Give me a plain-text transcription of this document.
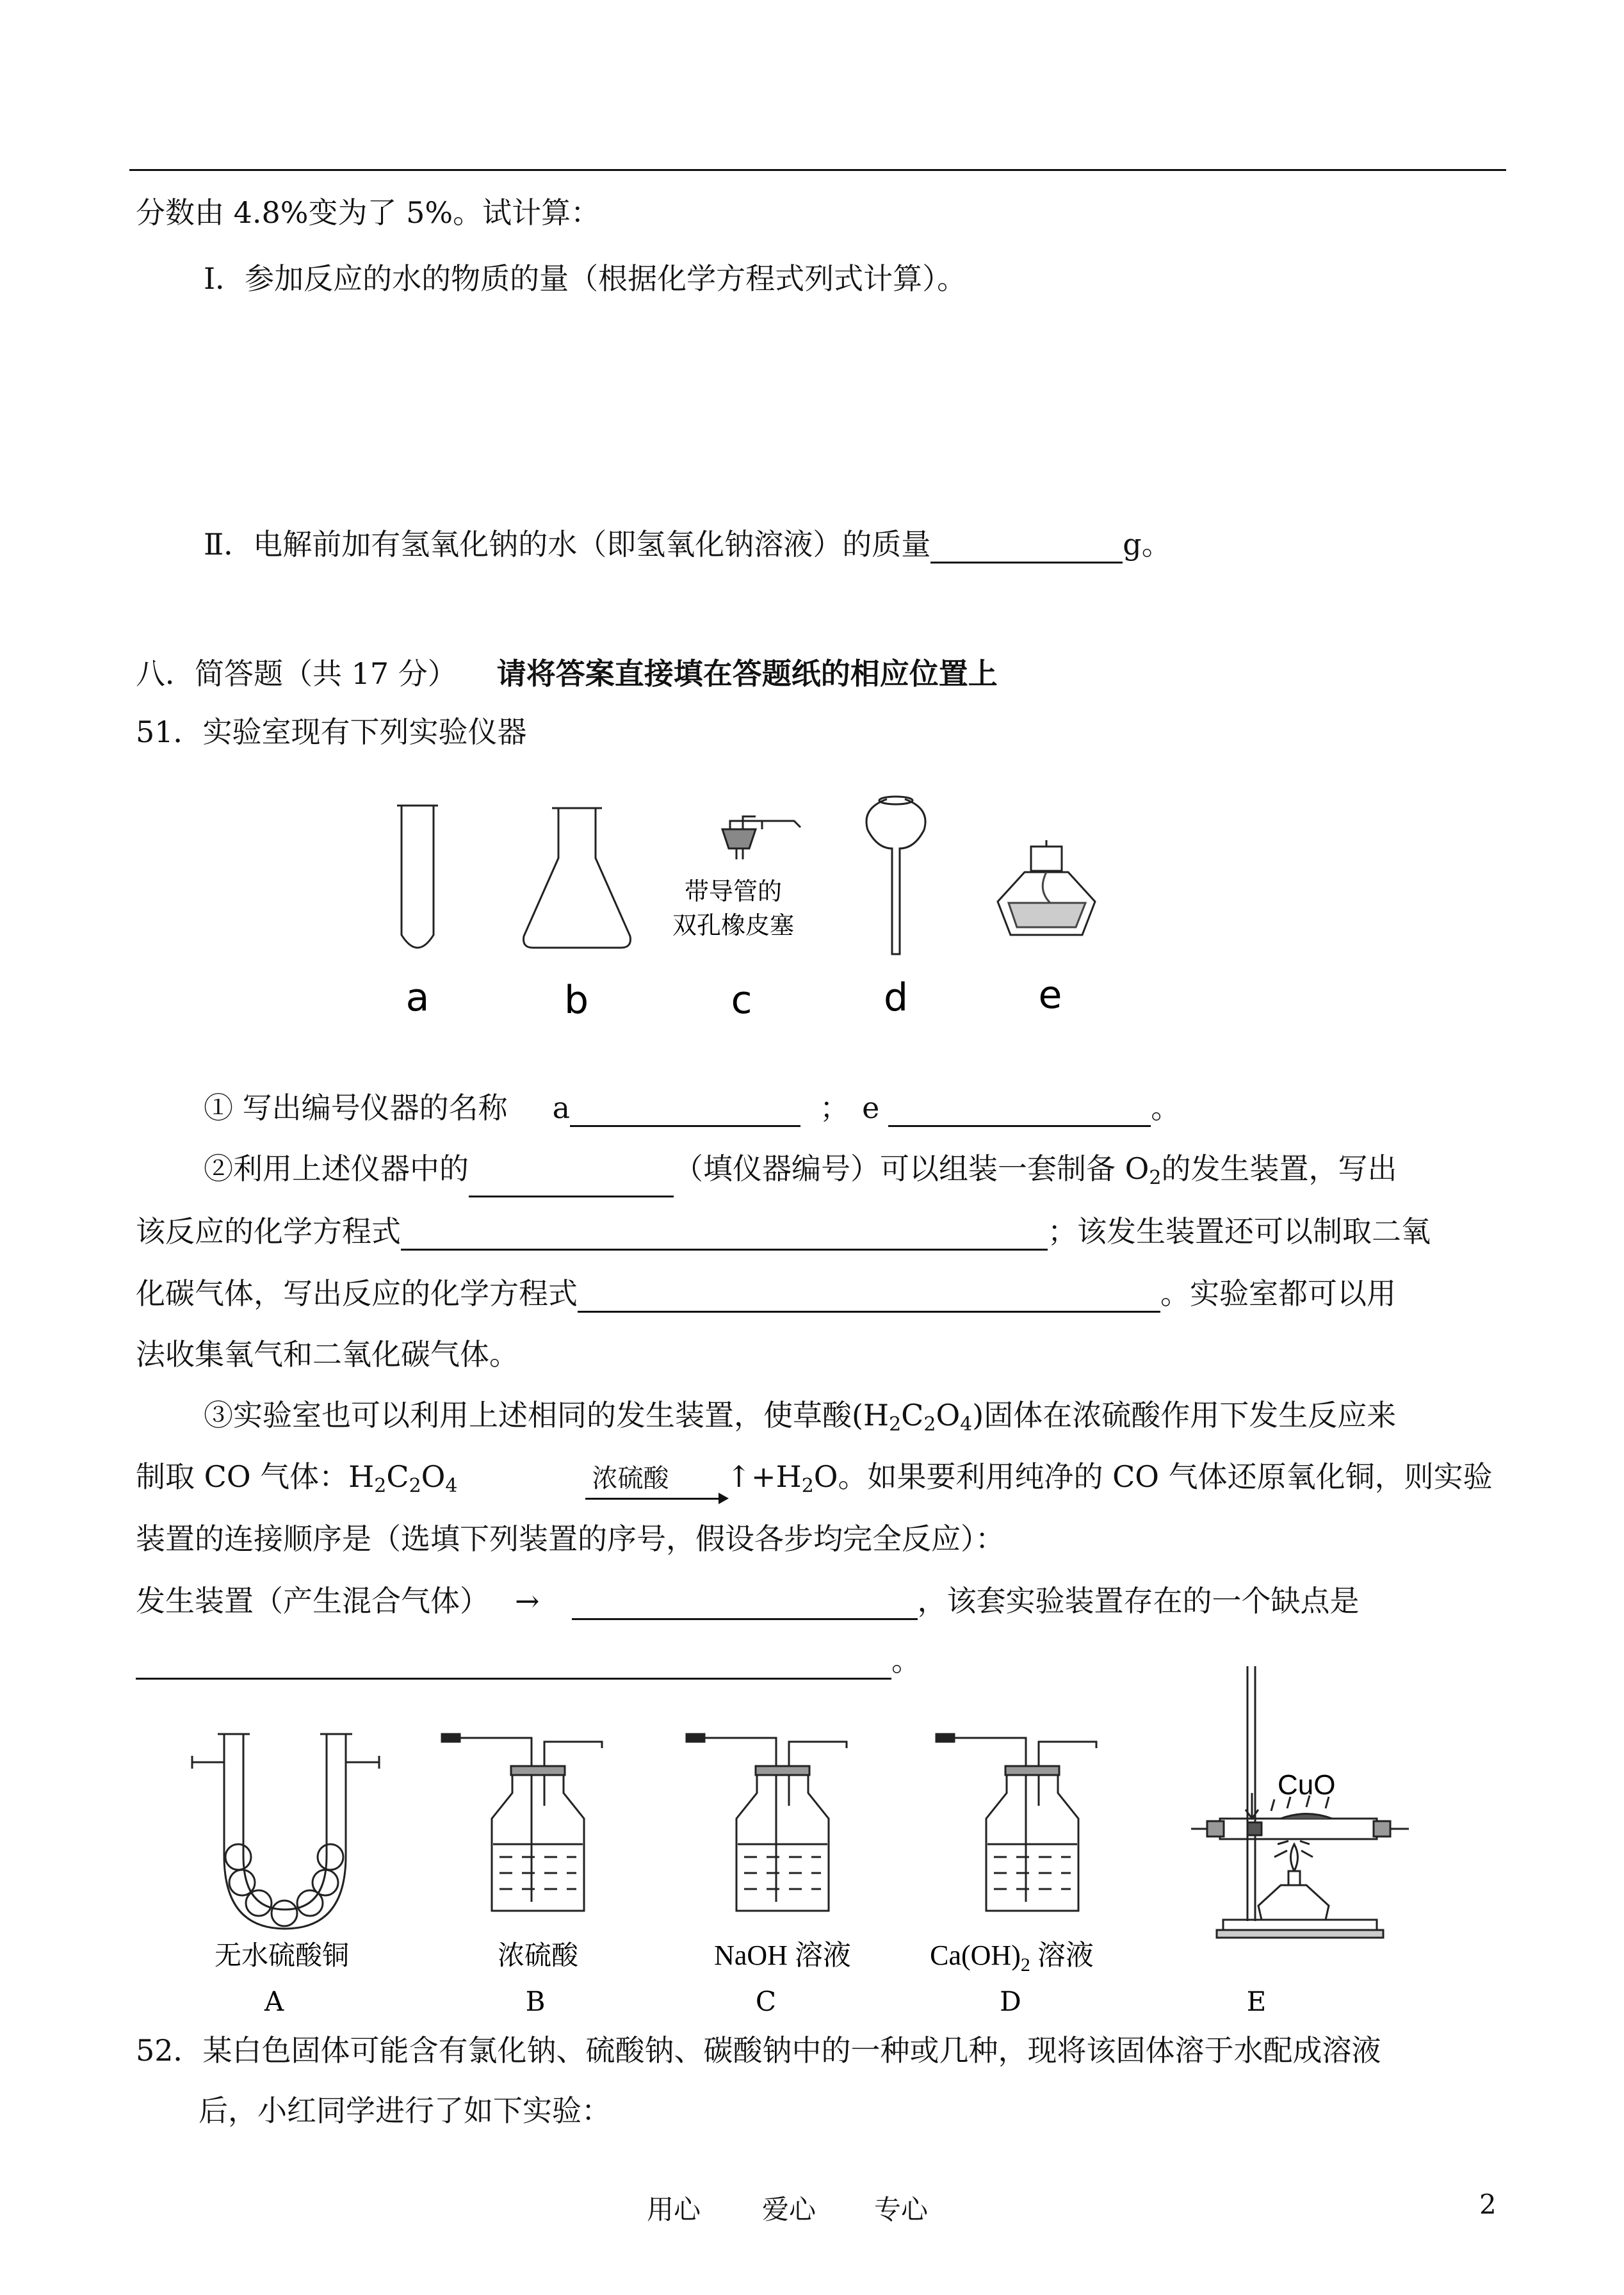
分数由 4.8%变为了 5%。试计算：
Ⅰ．参加反应的水的物质的量（根据化学方程式列式计算）。
Ⅱ．电解前加有氢氧化钠的水（即氢氧化钠溶液）的质量	g。
八．简答题（共 17 分） 请将答案直接填在答题纸的相应位置上
51．实验室现有下列实验仪器
带导管的
双孔橡皮塞
a	b	c	d	e
① 写出编号仪器的名称 a	； e	。
②利用上述仪器中的	（填仪器编号）可以组装一套制备 $O_2$的发生装置，写出
该反应的化学方程式	；该发生装置还可以制取二氧
化碳气体，写出反应的化学方程式	。实验室都可以用
法收集氧气和二氧化碳气体。
③实验室也可以利用上述相同的发生装置，使草酸$(H_2C_2O_4)$固体在浓硫酸作用下发生反应来
制取 CO 气体：$H_2C_2O_4$	浓硫酸 $↑+H_2O$。如果要利用纯净的 CO 气体还原氧化铜，则实验
装置的连接顺序是（选填下列装置的序号，假设各步均完全反应）：
发生装置（产生混合气体） →	，该套实验装置存在的一个缺点是
。
CuO
无水硫酸铜	浓硫酸	NaOH 溶液	$Ca(OH)_2$ 溶液
A	B	C	D	E
52．某白色固体可能含有氯化钠、硫酸钠、碳酸钠中的一种或几种，现将该固体溶于水配成溶液
后，小红同学进行了如下实验：
用心 爱心 专心	2
